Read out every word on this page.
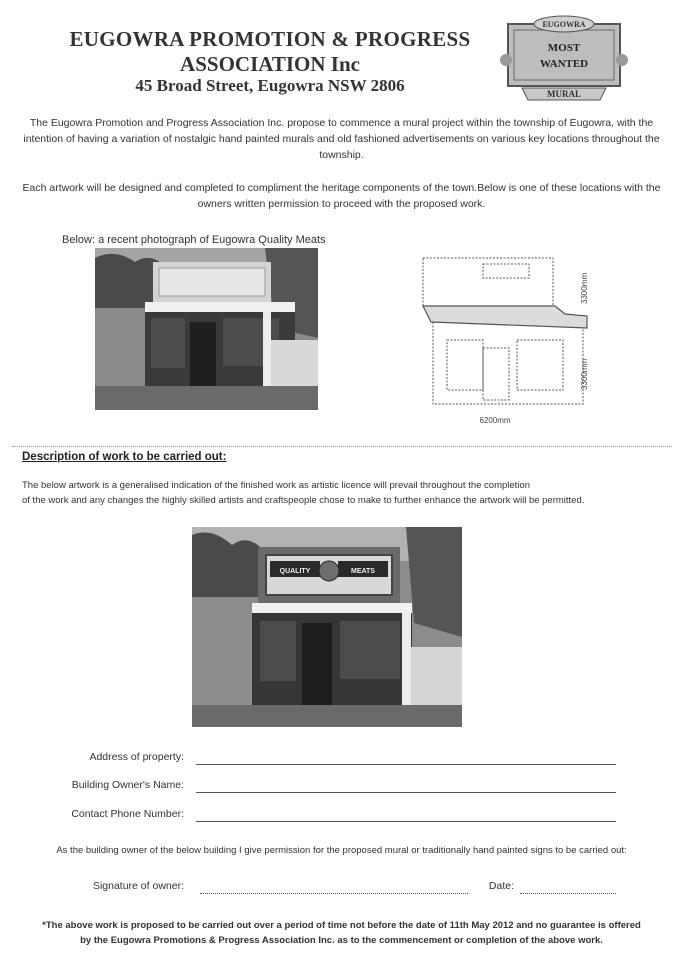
EUGOWRA PROMOTION & PROGRESS
ASSOCIATION Inc
45 Broad Street, Eugowra NSW 2806
EUGOWRA
MOST
WANTED
MURAL
The Eugowra Promotion and Progress Association Inc. propose to commence a mural project within the township of Eugowra, with the intention of having a variation of nostalgic hand painted murals and old fashioned advertisements on various key locations throughout the township.
Each artwork will be designed and completed to compliment the heritage components of the town.Below is one of these locations with the owners written permission to proceed with the proposed work.
Below: a recent photograph of Eugowra Quality Meats
3300mm
3300mm
6200mm
Description of work to be carried out:
The below artwork is a generalised indication of the finished work as artistic licence will prevail throughout the completion
of the work and any changes the highly skilled artists and craftspeople chose to make to further enhance the artwork will be permitted.
QUALITY	MEATS
Address of property:
Building Owner's Name:
Contact Phone Number:
As the building owner of the below building I give permission for the proposed mural or traditionally hand painted signs to be carried out:
Signature of owner:	Date:
*The above work is proposed to be carried out over a period of time not before the date of 11th May 2012 and no guarantee is offered
by the Eugowra Promotions & Progress Association Inc. as to the commencement or completion of the above work.
